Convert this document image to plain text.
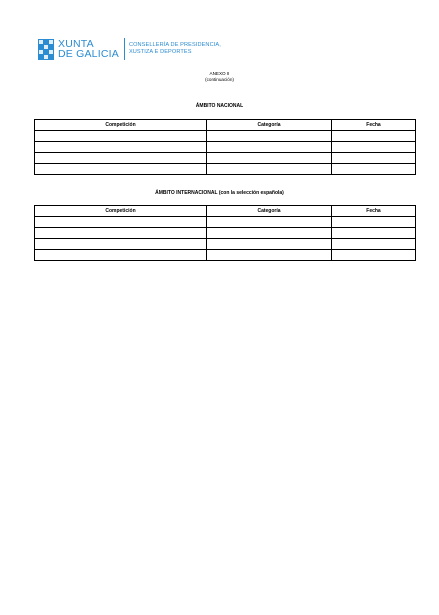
XUNTA
DE GALICIA
CONSELLERÍA DE PRESIDENCIA,
XUSTIZA E DEPORTES
ANEXO II
(continuación)
ÁMBITO NACIONAL
Competición	Categoría	Fecha

ÁMBITO INTERNACIONAL (con la selección española)
Competición	Categoría	Fecha
